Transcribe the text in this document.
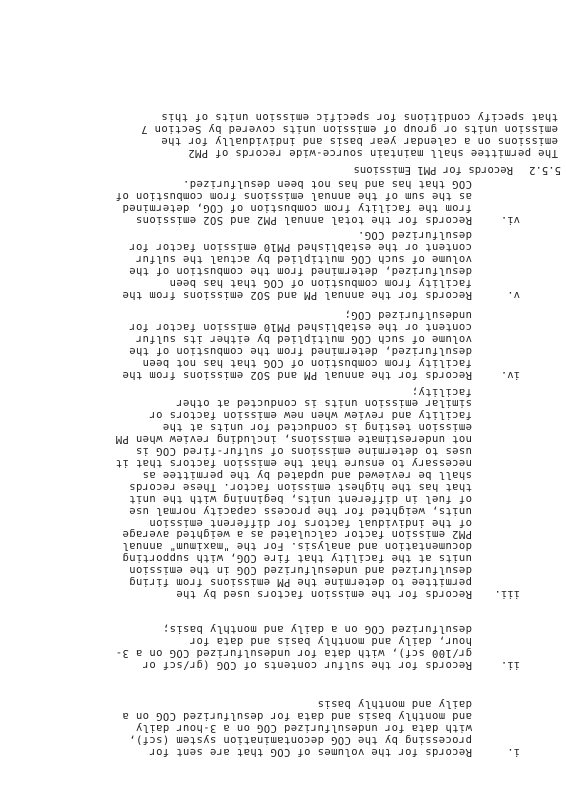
i.
Records for the volumes of COG that are sent for
processing by the COG decontamination system (scf),
with data for undesulfurized COG on a 3-hour daily
and monthly basis and data for desulfurized COG on a
daily and monthly basis
ii.
Records for the sulfur contents of COG (gr/scf or
gr/100 scf), with data for undesulfurized COG on a 3-
hour, daily and monthly basis and data for
desulfurized COG on a daily and monthly basis;
iii.
Records for the emission factors used by the
permittee to determine the PM emissions from firing
desulfurized and undesulfurized COG in the emission
units at the facility that fire COG, with supporting
documentation and analysis. For the "maximum" annual
PM2 emission factor calculated as a weighted average
of the individual factors for different emission
units, weighted for the process capacity normal use
of fuel in different units, beginning with the unit
that has the highest emission factor. These records
shall be reviewed and updated by the permittee as
necessary to ensure that the emission factors that it
uses to determine emissions of sulfur-fired COG is
not underestimate emissions, including review when PM
emission testing is conducted for units at the
facility and review when new emission factors or
similar emission units is conducted at other
facility;
iv.
Records for the annual PM and SO2 emissions from the
facility from combustion of COG that has not been
desulfurized, determined from the combustion of the
volume of such COG multiplied by either its sulfur
content or the established PM10 emission factor for
undesulfurized COG;
v.
Records for the annual PM and SO2 emissions from the
facility from combustion of COG that has been
desulfurized, determined from the combustion of the
volume of such COG multiplied by actual the sulfur
content or the established PM10 emission factor for
desulfurized COG.
vi.
Records for the total annual PM2 and SO2 emissions
from the facility from combustion of COG, determined
as the sum of the annual emissions from combustion of
COG that has and has not been desulfurized.
5.5.2
Records for PM1 Emissions
The permittee shall maintain source-wide records of PM2
emissions on a calendar year basis and individually for the
emission units or group of emission units covered by Section 7
that specify conditions for specific emission units of this
